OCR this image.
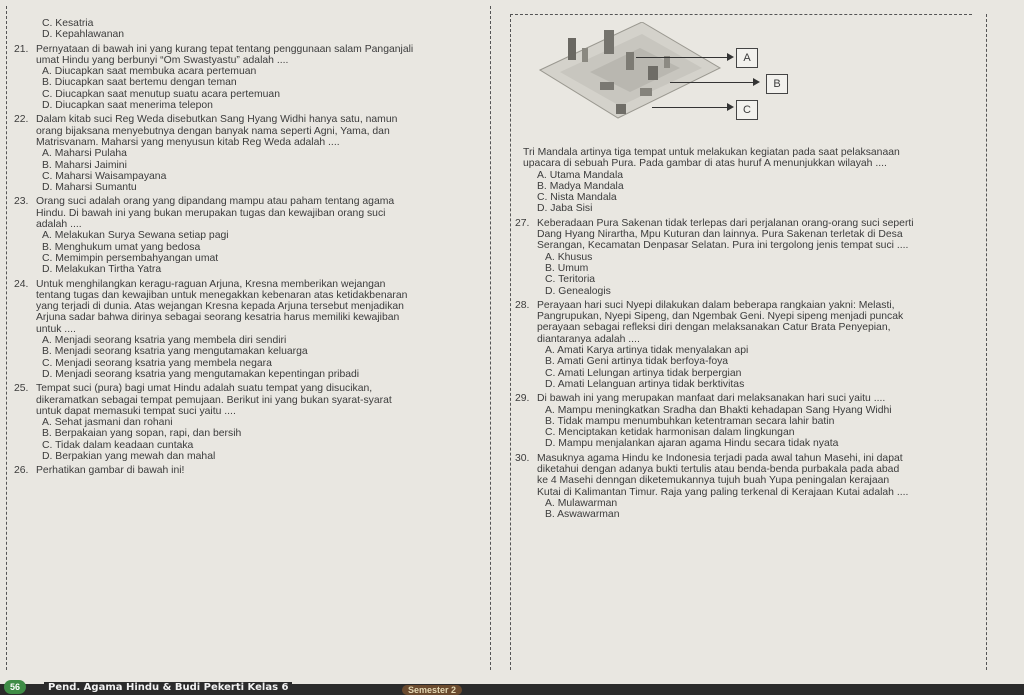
C. Kesatria
D. Kepahlawanan
21. Pernyataan di bawah ini yang kurang tepat tentang penggunaan salam Panganjali
umat Hindu yang berbunyi “Om Swastyastu” adalah ....
A. Diucapkan saat membuka acara pertemuan
B. Diucapkan saat bertemu dengan teman
C. Diucapkan saat menutup suatu acara pertemuan
D. Diucapkan saat menerima telepon
22. Dalam kitab suci Reg Weda disebutkan Sang Hyang Widhi hanya satu, namun
orang bijaksana menyebutnya dengan banyak nama seperti Agni, Yama, dan
Matrisvanam. Maharsi yang menyusun kitab Reg Weda adalah ....
A. Maharsi Pulaha
B. Maharsi Jaimini
C. Maharsi Waisampayana
D. Maharsi Sumantu
23. Orang suci adalah orang yang dipandang mampu atau paham tentang agama
Hindu. Di bawah ini yang bukan merupakan tugas dan kewajiban orang suci
adalah ....
A. Melakukan Surya Sewana setiap pagi
B. Menghukum umat yang bedosa
C. Memimpin persembahyangan umat
D. Melakukan Tirtha Yatra
24. Untuk menghilangkan keragu-raguan Arjuna, Kresna memberikan wejangan
tentang tugas dan kewajiban untuk menegakkan kebenaran atas ketidakbenaran
yang terjadi di dunia. Atas wejangan Kresna kepada Arjuna tersebut menjadikan
Arjuna sadar bahwa dirinya sebagai seorang kesatria harus memiliki kewajiban
untuk ....
A. Menjadi seorang ksatria yang membela diri sendiri
B. Menjadi seorang ksatria yang mengutamakan keluarga
C. Menjadi seorang ksatria yang membela negara
D. Menjadi seorang ksatria yang mengutamakan kepentingan pribadi
25. Tempat suci (pura) bagi umat Hindu adalah suatu tempat yang disucikan,
dikeramatkan sebagai tempat pemujaan. Berikut ini yang bukan syarat-syarat
untuk dapat memasuki tempat suci yaitu ....
A. Sehat jasmani dan rohani
B. Berpakaian yang sopan, rapi, dan bersih
C. Tidak dalam keadaan cuntaka
D. Berpakian yang mewah dan mahal
26. Perhatikan gambar di bawah ini!
A
B
C
Tri Mandala artinya tiga tempat untuk melakukan kegiatan pada saat pelaksanaan
upacara di sebuah Pura. Pada gambar di atas huruf A menunjukkan wilayah ....
A. Utama Mandala
B. Madya Mandala
C. Nista Mandala
D. Jaba Sisi
27. Keberadaan Pura Sakenan tidak terlepas dari perjalanan orang-orang suci seperti
Dang Hyang Nirartha, Mpu Kuturan dan lainnya. Pura Sakenan terletak di Desa
Serangan, Kecamatan Denpasar Selatan. Pura ini tergolong jenis tempat suci ....
A. Khusus
B. Umum
C. Teritoria
D. Genealogis
28. Perayaan hari suci Nyepi dilakukan dalam beberapa rangkaian yakni: Melasti,
Pangrupukan, Nyepi Sipeng, dan Ngembak Geni. Nyepi sipeng menjadi puncak
perayaan sebagai refleksi diri dengan melaksanakan Catur Brata Penyepian,
diantaranya adalah ....
A. Amati Karya artinya tidak menyalakan api
B. Amati Geni artinya tidak berfoya-foya
C. Amati Lelungan artinya tidak berpergian
D. Amati Lelanguan artinya tidak berktivitas
29. Di bawah ini yang merupakan manfaat dari melaksanakan hari suci yaitu ....
A. Mampu meningkatkan Sradha dan Bhakti kehadapan Sang Hyang Widhi
B. Tidak mampu menumbuhkan ketentraman secara lahir batin
C. Menciptakan ketidak harmonisan dalam lingkungan
D. Mampu menjalankan ajaran agama Hindu secara tidak nyata
30. Masuknya agama Hindu ke Indonesia terjadi pada awal tahun Masehi, ini dapat
diketahui dengan adanya bukti tertulis atau benda-benda purbakala pada abad
ke 4 Masehi denngan diketemukannya tujuh buah Yupa peningalan kerajaan
Kutai di Kalimantan Timur. Raja yang paling terkenal di Kerajaan Kutai adalah ....
A. Mulawarman
B. Aswawarman
56	Pend. Agama Hindu & Budi Pekerti Kelas 6	Semester 2
